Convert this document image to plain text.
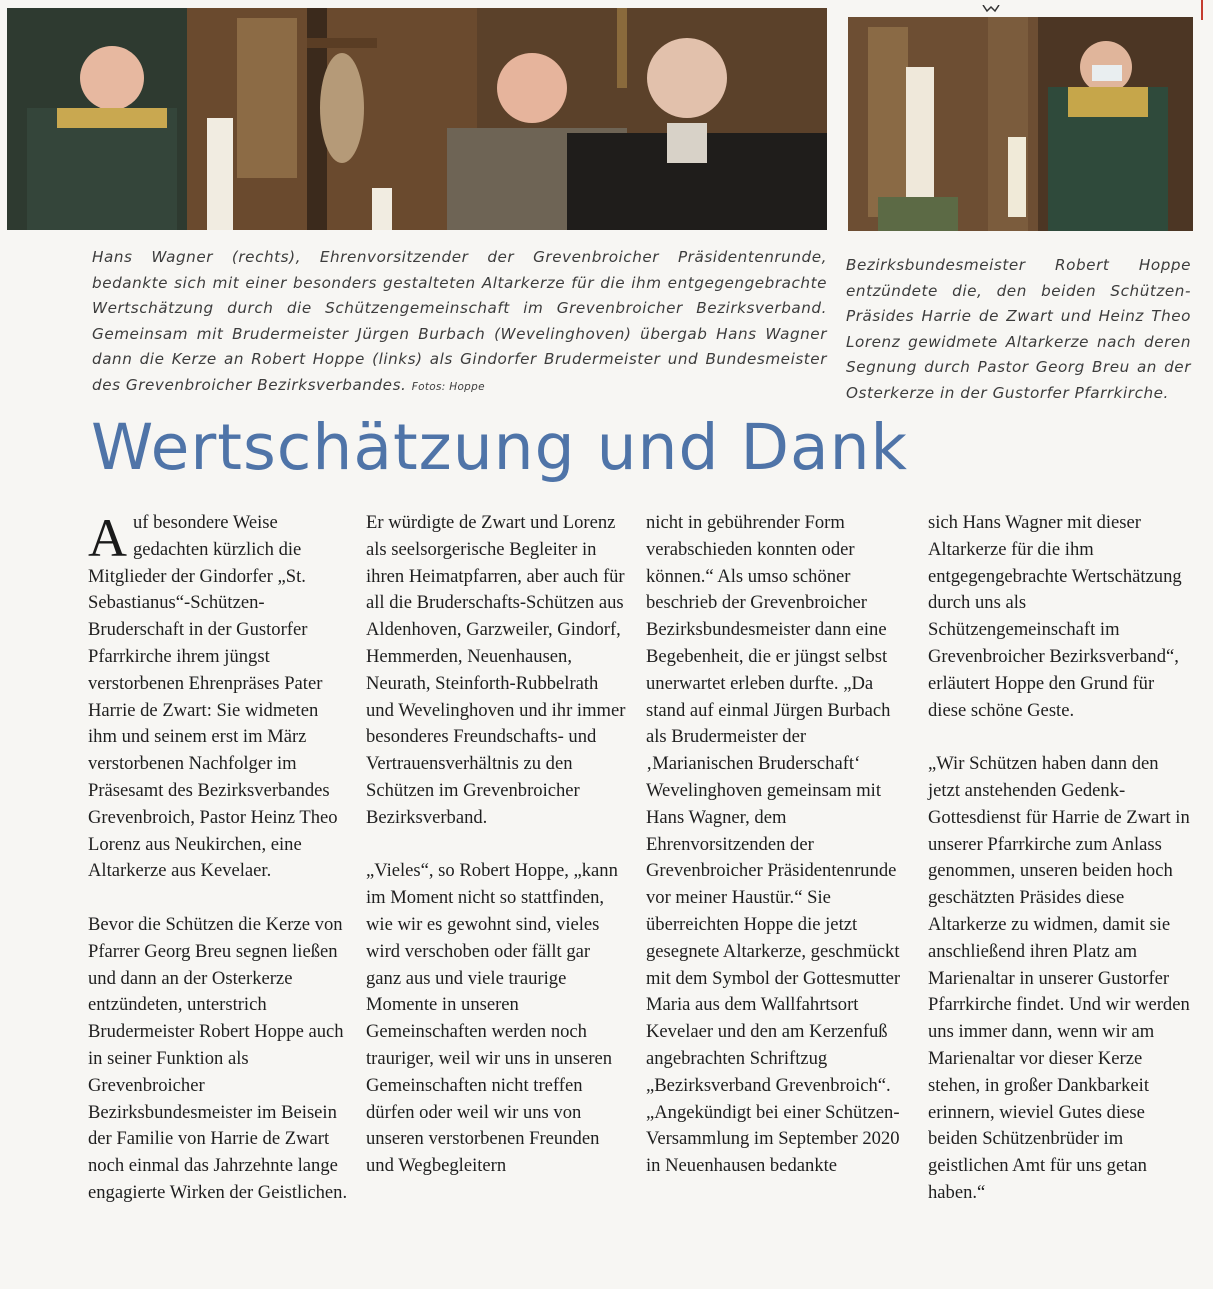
Hans Wagner (rechts), Ehrenvorsitzender der Grevenbroicher Präsidentenrunde, bedankte sich mit einer besonders gestalteten Altarkerze für die ihm entgegengebrachte Wertschätzung durch die Schützengemeinschaft im Grevenbroicher Bezirksverband. Gemeinsam mit Brudermeister Jürgen Burbach (Wevelinghoven) übergab Hans Wagner dann die Kerze an Robert Hoppe (links) als Gindorfer Brudermeister und Bundesmeister des Grevenbroicher Bezirksverbandes. Fotos: Hoppe
Bezirksbundesmeister Robert Hoppe entzündete die, den beiden Schützen-Präsides Harrie de Zwart und Heinz Theo Lorenz gewidmete Altarkerze nach deren Segnung durch Pastor Georg Breu an der Osterkerze in der Gustorfer Pfarrkirche.
Wertschätzung und Dank

Auf besondere Weise gedachten kürzlich die Mitglieder der Gindorfer „St. Sebastianus“-Schützen-Bruderschaft in der Gustorfer Pfarrkirche ihrem jüngst verstorbenen Ehrenpräses Pater Harrie de Zwart: Sie widmeten ihm und seinem erst im März verstorbenen Nachfolger im Präsesamt des Bezirksverbandes Grevenbroich, Pastor Heinz Theo Lorenz aus Neukirchen, eine Altarkerze aus Kevelaer.

Bevor die Schützen die Kerze von Pfarrer Georg Breu segnen ließen und dann an der Osterkerze entzündeten, unterstrich Brudermeister Robert Hoppe auch in seiner Funktion als Grevenbroicher Bezirksbundesmeister im Beisein der Familie von Harrie de Zwart noch einmal das Jahrzehnte lange engagierte Wirken der Geistlichen.

Er würdigte de Zwart und Lorenz als seelsorgerische Begleiter in ihren Heimatpfarren, aber auch für all die Bruderschafts-Schützen aus Aldenhoven, Garzweiler, Gindorf, Hemmerden, Neuenhausen, Neurath, Steinforth-Rubbelrath und Wevelinghoven und ihr immer besonderes Freundschafts- und Vertrauensverhältnis zu den Schützen im Grevenbroicher Bezirksverband.

„Vieles“, so Robert Hoppe, „kann im Moment nicht so stattfinden, wie wir es gewohnt sind, vieles wird verschoben oder fällt gar ganz aus und viele traurige Momente in unseren Gemeinschaften werden noch trauriger, weil wir uns in unseren Gemeinschaften nicht treffen dürfen oder weil wir uns von unseren verstorbenen Freunden und Wegbegleitern

nicht in gebührender Form verabschieden konnten oder können.“ Als umso schöner beschrieb der Grevenbroicher Bezirksbundesmeister dann eine Begebenheit, die er jüngst selbst unerwartet erleben durfte. „Da stand auf einmal Jürgen Burbach als Brudermeister der ‚Marianischen Bruderschaft‘ Wevelinghoven gemeinsam mit Hans Wagner, dem Ehrenvorsitzenden der Grevenbroicher Präsidentenrunde vor meiner Haustür.“ Sie überreichten Hoppe die jetzt gesegnete Altarkerze, geschmückt mit dem Symbol der Gottesmutter Maria aus dem Wallfahrtsort Kevelaer und den am Kerzenfuß angebrachten Schriftzug „Bezirksverband Grevenbroich“. „Angekündigt bei einer Schützen-Versammlung im September 2020 in Neuenhausen bedankte

sich Hans Wagner mit dieser Altarkerze für die ihm entgegengebrachte Wertschätzung durch uns als Schützengemeinschaft im Grevenbroicher Bezirksverband“, erläutert Hoppe den Grund für diese schöne Geste.

„Wir Schützen haben dann den jetzt anstehenden Gedenk-Gottesdienst für Harrie de Zwart in unserer Pfarrkirche zum Anlass genommen, unseren beiden hoch geschätzten Präsides diese Altarkerze zu widmen, damit sie anschließend ihren Platz am Marienaltar in unserer Gustorfer Pfarrkirche findet. Und wir werden uns immer dann, wenn wir am Marienaltar vor dieser Kerze stehen, in großer Dankbarkeit erinnern, wieviel Gutes diese beiden Schützenbrüder im geistlichen Amt für uns getan haben.“
